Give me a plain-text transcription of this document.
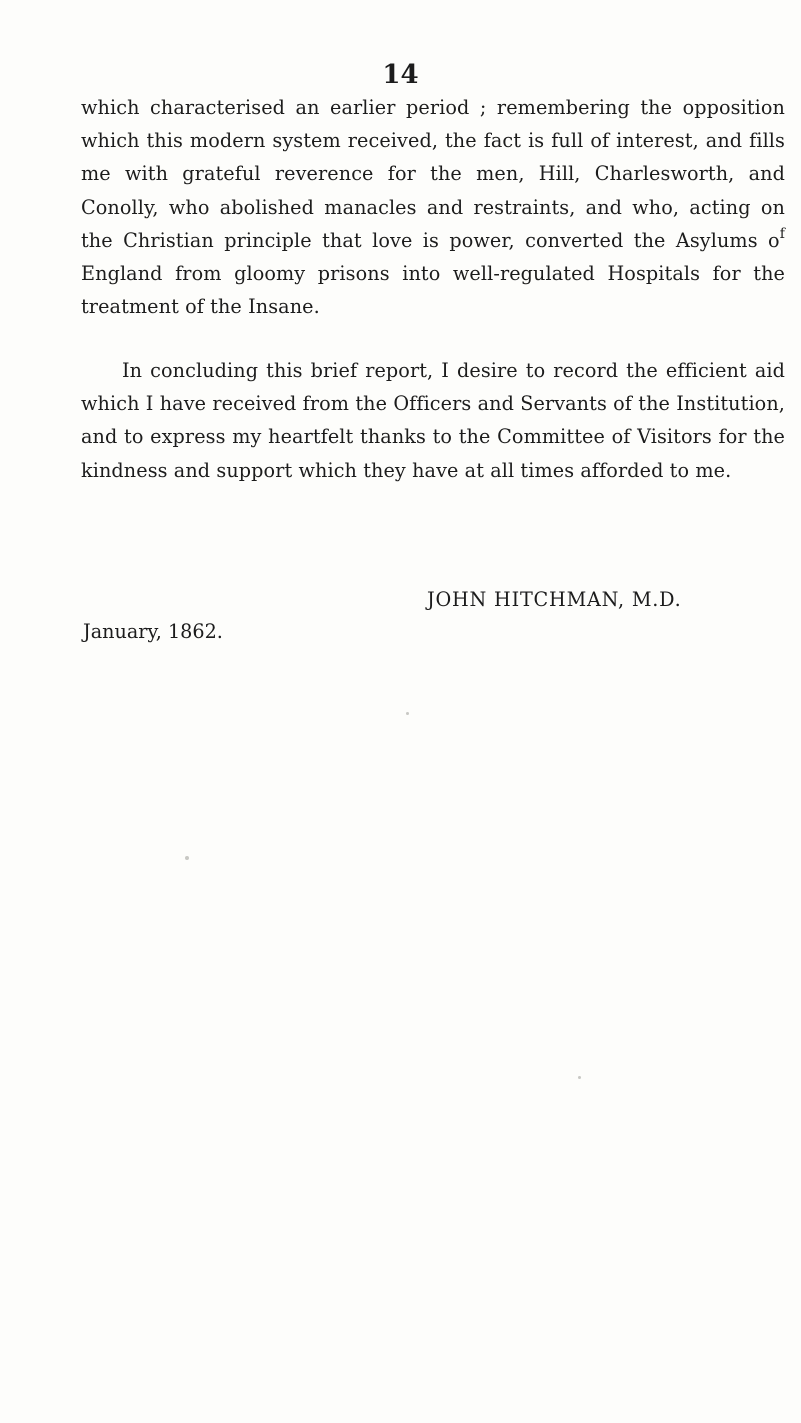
14

which characterised an earlier period ; remembering the opposition which this modern system received, the fact is full of interest, and fills me with grateful reverence for the men, Hill, Charlesworth, and Conolly, who abolished manacles and restraints, and who, acting on the Christian principle that love is power, converted the Asylums $o^f$ England from gloomy prisons into well-regulated Hospitals for the treatment of the Insane.

In concluding this brief report, I desire to record the efficient aid which I have received from the Officers and Servants of the Institution, and to express my heartfelt thanks to the Committee of Visitors for the kindness and support which they have at all times afforded to me.

JOHN HITCHMAN, M.D.
January, 1862.
